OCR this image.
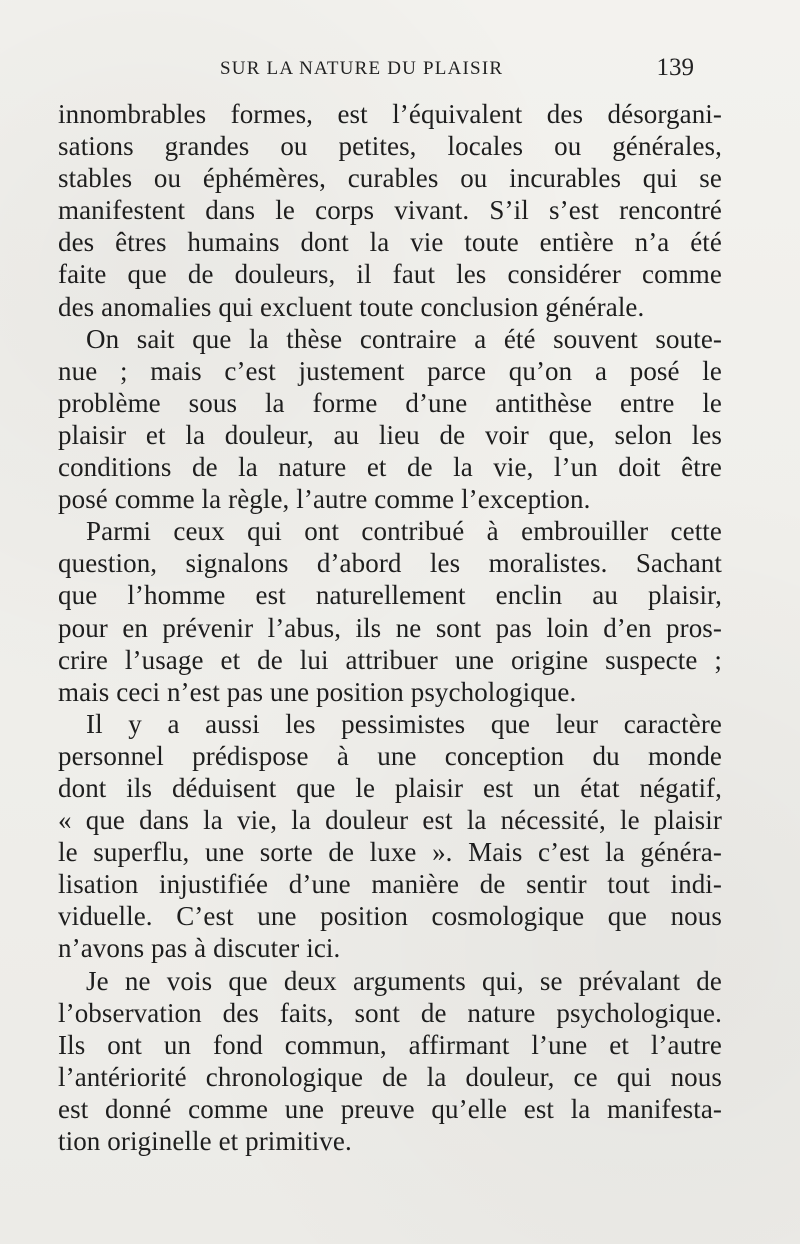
SUR LA NATURE DU PLAISIR	139
innombrables formes, est l’équivalent des désorgani-
sations grandes ou petites, locales ou générales,
stables ou éphémères, curables ou incurables qui se
manifestent dans le corps vivant. S’il s’est rencontré
des êtres humains dont la vie toute entière n’a été
faite que de douleurs, il faut les considérer comme
des anomalies qui excluent toute conclusion générale.
On sait que la thèse contraire a été souvent soute-
nue ; mais c’est justement parce qu’on a posé le
problème sous la forme d’une antithèse entre le
plaisir et la douleur, au lieu de voir que, selon les
conditions de la nature et de la vie, l’un doit être
posé comme la règle, l’autre comme l’exception.
Parmi ceux qui ont contribué à embrouiller cette
question, signalons d’abord les moralistes. Sachant
que l’homme est naturellement enclin au plaisir,
pour en prévenir l’abus, ils ne sont pas loin d’en pros-
crire l’usage et de lui attribuer une origine suspecte ;
mais ceci n’est pas une position psychologique.
Il y a aussi les pessimistes que leur caractère
personnel prédispose à une conception du monde
dont ils déduisent que le plaisir est un état négatif,
« que dans la vie, la douleur est la nécessité, le plaisir
le superflu, une sorte de luxe ». Mais c’est la généra-
lisation injustifiée d’une manière de sentir tout indi-
viduelle. C’est une position cosmologique que nous
n’avons pas à discuter ici.
Je ne vois que deux arguments qui, se prévalant de
l’observation des faits, sont de nature psychologique.
Ils ont un fond commun, affirmant l’une et l’autre
l’antériorité chronologique de la douleur, ce qui nous
est donné comme une preuve qu’elle est la manifesta-
tion originelle et primitive.
